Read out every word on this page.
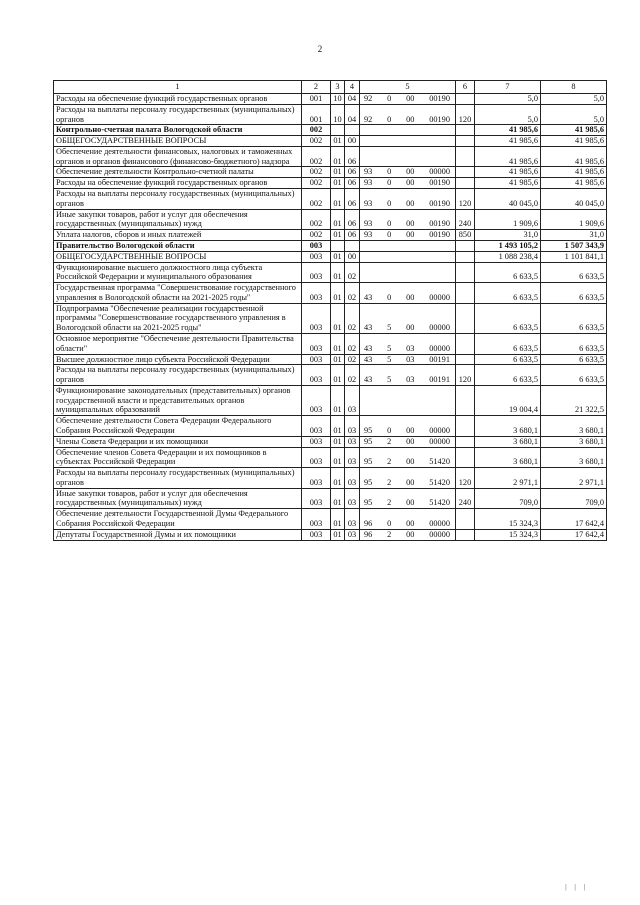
2
1	2	3	4	5	6	7	8
Расходы на обеспечение функций государственных органов	001	10	04	92 0 00 00190		5,0	5,0
Расходы на выплаты персоналу государственных (муниципальных) органов	001	10	04	92 0 00 00190	120	5,0	5,0
Контрольно-счетная палата Вологодской области	002					41 985,6	41 985,6
ОБЩЕГОСУДАРСТВЕННЫЕ ВОПРОСЫ	002	01	00			41 985,6	41 985,6
Обеспечение деятельности финансовых, налоговых и таможенных органов и органов финансового (финансово-бюджетного) надзора	002	01	06			41 985,6	41 985,6
Обеспечение деятельности Контрольно-счетной палаты	002	01	06	93 0 00 00000		41 985,6	41 985,6
Расходы на обеспечение функций государственных органов	002	01	06	93 0 00 00190		41 985,6	41 985,6
Расходы на выплаты персоналу государственных (муниципальных) органов	002	01	06	93 0 00 00190	120	40 045,0	40 045,0
Иные закупки товаров, работ и услуг для обеспечения государственных (муниципальных) нужд	002	01	06	93 0 00 00190	240	1 909,6	1 909,6
Уплата налогов, сборов и иных платежей	002	01	06	93 0 00 00190	850	31,0	31,0
Правительство Вологодской области	003					1 493 105,2	1 507 343,9
ОБЩЕГОСУДАРСТВЕННЫЕ ВОПРОСЫ	003	01	00			1 088 238,4	1 101 841,1
Функционирование высшего должностного лица субъекта Российской Федерации и муниципального образования	003	01	02			6 633,5	6 633,5
Государственная программа "Совершенствование государственного управления в Вологодской области на 2021-2025 годы"	003	01	02	43 0 00 00000		6 633,5	6 633,5
Подпрограмма "Обеспечение реализации государственной программы "Совершенствование государственного управления в Вологодской области на 2021-2025 годы"	003	01	02	43 5 00 00000		6 633,5	6 633,5
Основное мероприятие "Обеспечение деятельности Правительства области"	003	01	02	43 5 03 00000		6 633,5	6 633,5
Высшее должностное лицо субъекта Российской Федерации	003	01	02	43 5 03 00191		6 633,5	6 633,5
Расходы на выплаты персоналу государственных (муниципальных) органов	003	01	02	43 5 03 00191	120	6 633,5	6 633,5
Функционирование законодательных (представительных) органов государственной власти и представительных органов муниципальных образований	003	01	03			19 004,4	21 322,5
Обеспечение деятельности Совета Федерации Федерального Собрания Российской Федерации	003	01	03	95 0 00 00000		3 680,1	3 680,1
Члены Совета Федерации и их помощники	003	01	03	95 2 00 00000		3 680,1	3 680,1
Обеспечение членов Совета Федерации и их помощников в субъектах Российской Федерации	003	01	03	95 2 00 51420		3 680,1	3 680,1
Расходы на выплаты персоналу государственных (муниципальных) органов	003	01	03	95 2 00 51420	120	2 971,1	2 971,1
Иные закупки товаров, работ и услуг для обеспечения государственных (муниципальных) нужд	003	01	03	95 2 00 51420	240	709,0	709,0
Обеспечение деятельности Государственной Думы Федерального Собрания Российской Федерации	003	01	03	96 0 00 00000		15 324,3	17 642,4
Депутаты Государственной Думы и их помощники	003	01	03	96 2 00 00000		15 324,3	17 642,4
| | |
